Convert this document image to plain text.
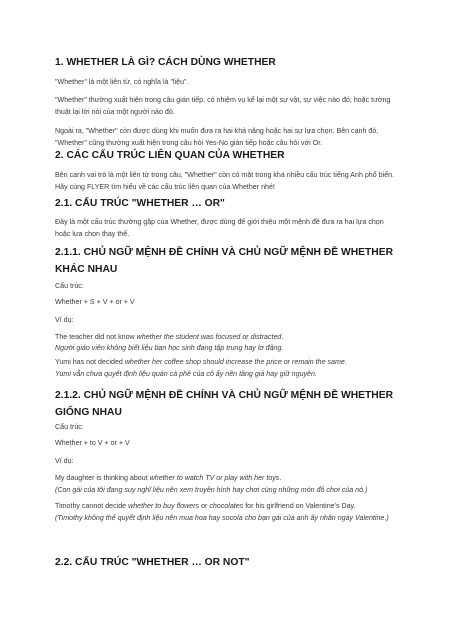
1. WHETHER LÀ GÌ? CÁCH DÙNG WHETHER
"Whether" là một liên từ, có nghĩa là "liệu".
"Whether" thường xuất hiện trong câu gián tiếp, có nhiệm vụ kể lại một sự vật, sự việc nào đó; hoặc tường thuật lại lời nói của một người nào đó.
Ngoài ra, "Whether" còn được dùng khi muốn đưa ra hai khả năng hoặc hai sự lựa chọn. Bên cạnh đó, "Whether" cũng thường xuất hiện trong câu hỏi Yes-No gián tiếp hoặc câu hỏi với Or.
2. CÁC CẤU TRÚC LIÊN QUAN CỦA WHETHER
Bên cạnh vai trò là một liên từ trong câu, "Whether" còn có mặt trong khá nhiều cấu trúc tiếng Anh phổ biến. Hãy cùng FLYER tìm hiểu về các cấu trúc liên quan của Whether nhé!
2.1. CẤU TRÚC "WHETHER … OR"
Đây là một cấu trúc thường gặp của Whether, được dùng để giới thiệu một mệnh đề đưa ra hai lựa chọn hoặc lựa chọn thay thế.
2.1.1. CHỦ NGỮ MỆNH ĐỀ CHÍNH VÀ CHỦ NGỮ MỆNH ĐỀ WHETHER KHÁC NHAU
Cấu trúc:
Whether + S + V + or + V
Ví dụ:
The teacher did not know whether the student was focused or distracted.
Người giáo viên không biết liệu bạn học sinh đang tập trung hay lơ đãng.
Yumi has not decided whether her coffee shop should increase the price or remain the same.
Yumi vẫn chưa quyết định liệu quán cà phê của cô ấy nên tăng giá hay giữ nguyên.
2.1.2. CHỦ NGỮ MỆNH ĐỀ CHÍNH VÀ CHỦ NGỮ MỆNH ĐỀ WHETHER GIỐNG NHAU
Cấu trúc:
Whether + to V + or + V
Ví dụ:
My daughter is thinking about whether to watch TV or play with her toys.
(Con gái của tôi đang suy nghĩ liệu nên xem truyền hình hay chơi cùng những món đồ chơi của nó.)
Timothy cannot decide whether to buy flowers or chocolates for his girlfriend on Valentine's Day.
(Timothy không thể quyết định liệu nên mua hoa hay socola cho bạn gái của anh ấy nhân ngày Valentine.)
2.2. CẤU TRÚC "WHETHER … OR NOT"
